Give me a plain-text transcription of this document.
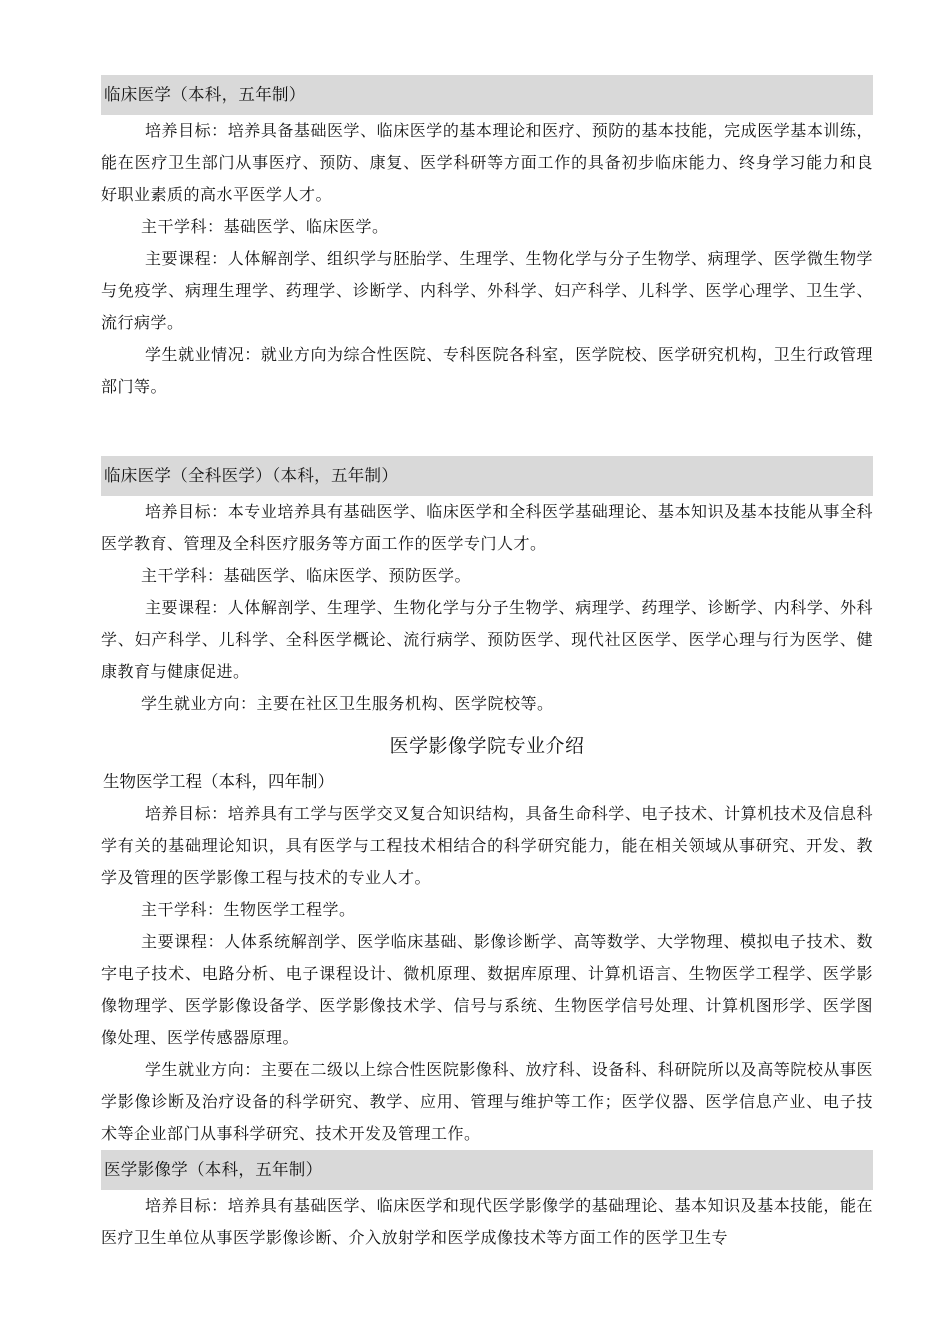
临床医学（本科，五年制）

培养目标：培养具备基础医学、临床医学的基本理论和医疗、预防的基本技能，完成医学基本训练，能在医疗卫生部门从事医疗、预防、康复、医学科研等方面工作的具备初步临床能力、终身学习能力和良好职业素质的高水平医学人才。

主干学科：基础医学、临床医学。

主要课程：人体解剖学、组织学与胚胎学、生理学、生物化学与分子生物学、病理学、医学微生物学与免疫学、病理生理学、药理学、诊断学、内科学、外科学、妇产科学、儿科学、医学心理学、卫生学、流行病学。

学生就业情况：就业方向为综合性医院、专科医院各科室，医学院校、医学研究机构，卫生行政管理部门等。

临床医学（全科医学）（本科，五年制）

培养目标：本专业培养具有基础医学、临床医学和全科医学基础理论、基本知识及基本技能从事全科医学教育、管理及全科医疗服务等方面工作的医学专门人才。

主干学科：基础医学、临床医学、预防医学。

主要课程：人体解剖学、生理学、生物化学与分子生物学、病理学、药理学、诊断学、内科学、外科学、妇产科学、儿科学、全科医学概论、流行病学、预防医学、现代社区医学、医学心理与行为医学、健康教育与健康促进。

学生就业方向：主要在社区卫生服务机构、医学院校等。

医学影像学院专业介绍
生物医学工程（本科，四年制）

培养目标：培养具有工学与医学交叉复合知识结构，具备生命科学、电子技术、计算机技术及信息科学有关的基础理论知识，具有医学与工程技术相结合的科学研究能力，能在相关领域从事研究、开发、教学及管理的医学影像工程与技术的专业人才。

主干学科：生物医学工程学。

主要课程：人体系统解剖学、医学临床基础、影像诊断学、高等数学、大学物理、模拟电子技术、数字电子技术、电路分析、电子课程设计、微机原理、数据库原理、计算机语言、生物医学工程学、医学影像物理学、医学影像设备学、医学影像技术学、信号与系统、生物医学信号处理、计算机图形学、医学图像处理、医学传感器原理。

学生就业方向：主要在二级以上综合性医院影像科、放疗科、设备科、科研院所以及高等院校从事医学影像诊断及治疗设备的科学研究、教学、应用、管理与维护等工作；医学仪器、医学信息产业、电子技术等企业部门从事科学研究、技术开发及管理工作。

医学影像学（本科，五年制）

培养目标：培养具有基础医学、临床医学和现代医学影像学的基础理论、基本知识及基本技能，能在医疗卫生单位从事医学影像诊断、介入放射学和医学成像技术等方面工作的医学卫生专
